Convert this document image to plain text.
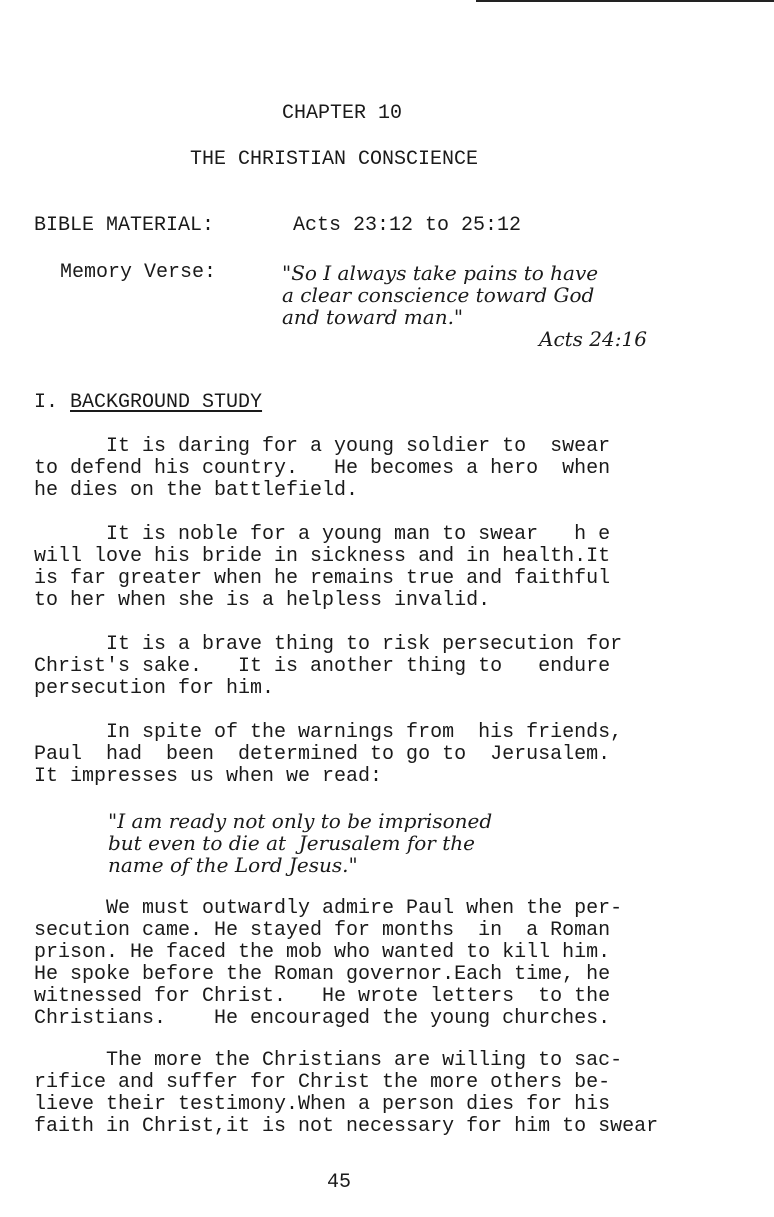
CHAPTER 10
THE CHRISTIAN CONSCIENCE
BIBLE MATERIAL:	Acts 23:12 to 25:12
Memory Verse:	"So I always take pains to have
a clear conscience toward God
and toward man."
Acts 24:16
I. BACKGROUND STUDY
It is daring for a young soldier to  swear
to defend his country.   He becomes a hero  when
he dies on the battlefield.
It is noble for a young man to swear   h e
will love his bride in sickness and in health.It
is far greater when he remains true and faithful
to her when she is a helpless invalid.
It is a brave thing to risk persecution for
Christ's sake.   It is another thing to   endure
persecution for him.
In spite of the warnings from  his friends,
Paul  had  been  determined to go to  Jerusalem.
It impresses us when we read:
"I am ready not only to be imprisoned
but even to die at  Jerusalem for the
name of the Lord Jesus."
We must outwardly admire Paul when the per-
secution came. He stayed for months  in  a Roman
prison. He faced the mob who wanted to kill him.
He spoke before the Roman governor.Each time, he
witnessed for Christ.   He wrote letters  to the
Christians.    He encouraged the young churches.
The more the Christians are willing to sac-
rifice and suffer for Christ the more others be-
lieve their testimony.When a person dies for his
faith in Christ,it is not necessary for him to swear
45
